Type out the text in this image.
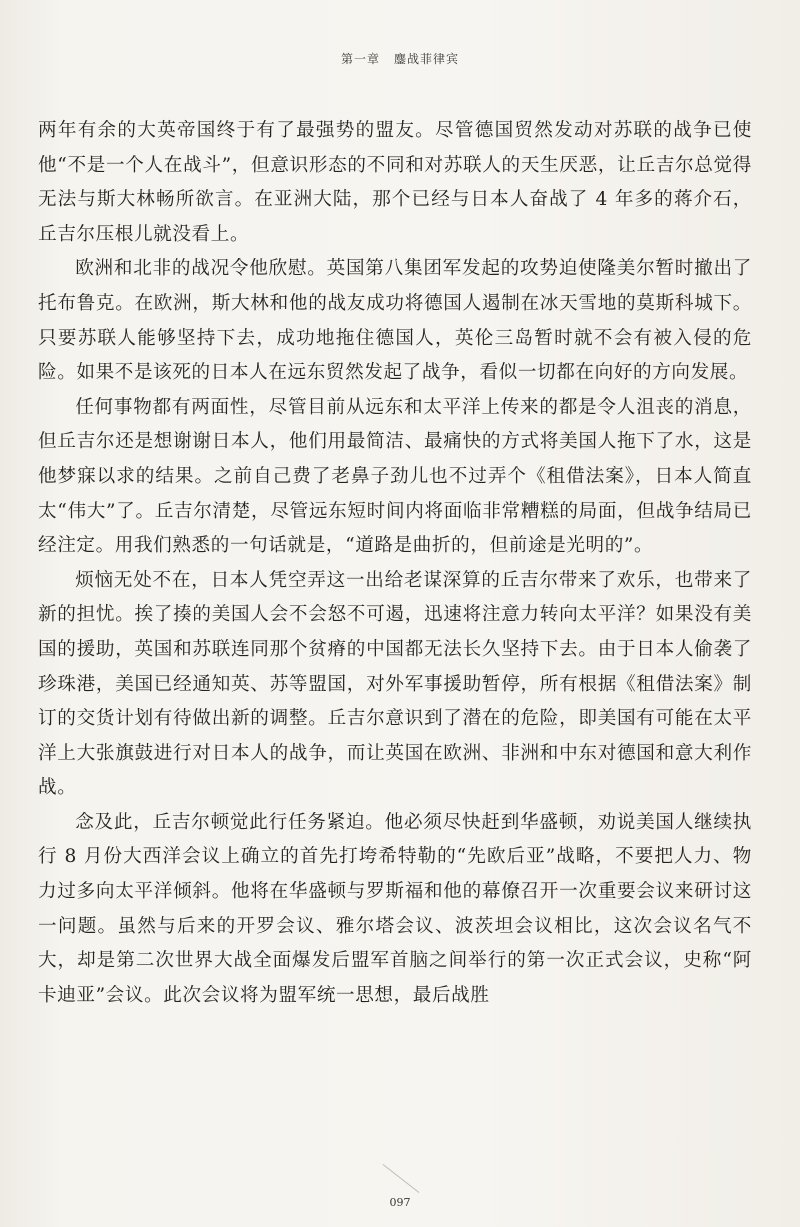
第一章 鏖战菲律宾

两年有余的大英帝国终于有了最强势的盟友。尽管德国贸然发动对苏联的战争已使他“不是一个人在战斗”，但意识形态的不同和对苏联人的天生厌恶，让丘吉尔总觉得无法与斯大林畅所欲言。在亚洲大陆，那个已经与日本人奋战了 4 年多的蒋介石，丘吉尔压根儿就没看上。

欧洲和北非的战况令他欣慰。英国第八集团军发起的攻势迫使隆美尔暂时撤出了托布鲁克。在欧洲，斯大林和他的战友成功将德国人遏制在冰天雪地的莫斯科城下。只要苏联人能够坚持下去，成功地拖住德国人，英伦三岛暂时就不会有被入侵的危险。如果不是该死的日本人在远东贸然发起了战争，看似一切都在向好的方向发展。

任何事物都有两面性，尽管目前从远东和太平洋上传来的都是令人沮丧的消息，但丘吉尔还是想谢谢日本人，他们用最简洁、最痛快的方式将美国人拖下了水，这是他梦寐以求的结果。之前自己费了老鼻子劲儿也不过弄个《租借法案》，日本人简直太“伟大”了。丘吉尔清楚，尽管远东短时间内将面临非常糟糕的局面，但战争结局已经注定。用我们熟悉的一句话就是，“道路是曲折的，但前途是光明的”。

烦恼无处不在，日本人凭空弄这一出给老谋深算的丘吉尔带来了欢乐，也带来了新的担忧。挨了揍的美国人会不会怒不可遏，迅速将注意力转向太平洋？如果没有美国的援助，英国和苏联连同那个贫瘠的中国都无法长久坚持下去。由于日本人偷袭了珍珠港，美国已经通知英、苏等盟国，对外军事援助暂停，所有根据《租借法案》制订的交货计划有待做出新的调整。丘吉尔意识到了潜在的危险，即美国有可能在太平洋上大张旗鼓进行对日本人的战争，而让英国在欧洲、非洲和中东对德国和意大利作战。

念及此，丘吉尔顿觉此行任务紧迫。他必须尽快赶到华盛顿，劝说美国人继续执行 8 月份大西洋会议上确立的首先打垮希特勒的“先欧后亚”战略，不要把人力、物力过多向太平洋倾斜。他将在华盛顿与罗斯福和他的幕僚召开一次重要会议来研讨这一问题。虽然与后来的开罗会议、雅尔塔会议、波茨坦会议相比，这次会议名气不大，却是第二次世界大战全面爆发后盟军首脑之间举行的第一次正式会议，史称“阿卡迪亚”会议。此次会议将为盟军统一思想，最后战胜

097
